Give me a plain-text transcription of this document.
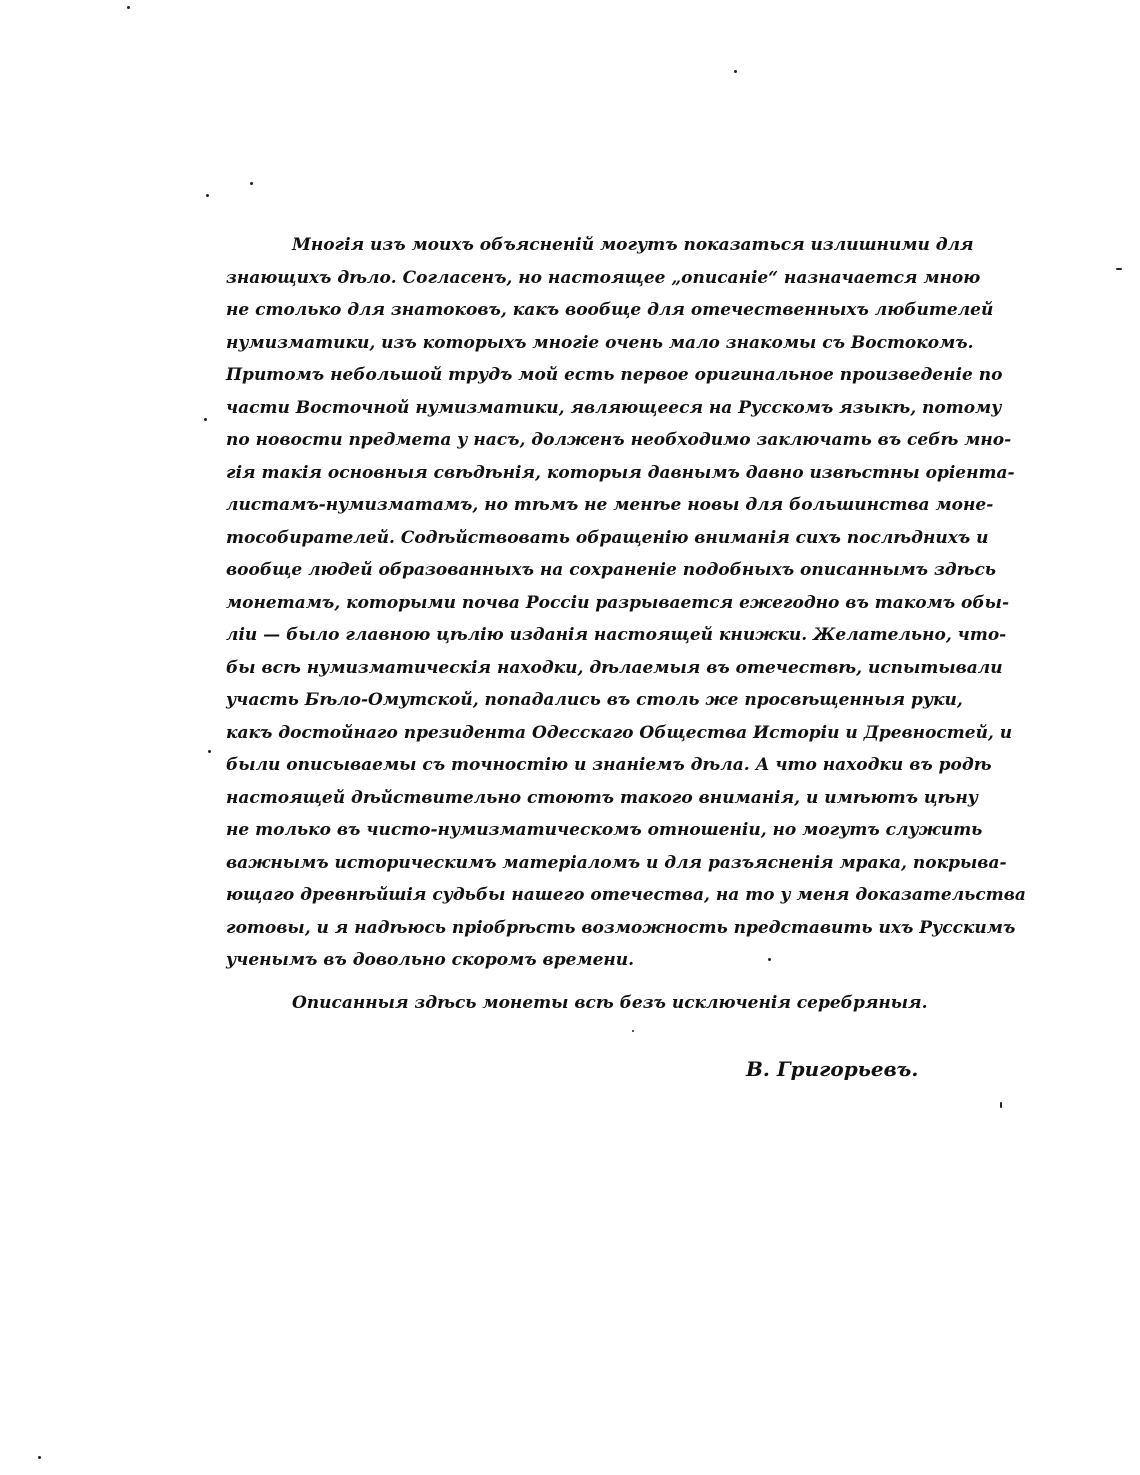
Многія изъ моихъ объясненій могутъ показаться излишними для
знающихъ дѣло. Согласенъ, но настоящее „описаніе“ назначается мною
не столько для знатоковъ, какъ вообще для отечественныхъ любителей
нумизматики, изъ которыхъ многіе очень мало знакомы съ Востокомъ.
Притомъ небольшой трудъ мой есть первое оригинальное произведеніе по
части Восточной нумизматики, являющееся на Русскомъ языкѣ, потому
по новости предмета у насъ, долженъ необходимо заключать въ себѣ мно-
гія такія основныя свѣдѣнія, которыя давнымъ давно извѣстны оріента-
листамъ-нумизматамъ, но тѣмъ не менѣе новы для большинства моне-
тособирателей. Содѣйствовать обращенію вниманія сихъ послѣднихъ и
вообще людей образованныхъ на сохраненіе подобныхъ описаннымъ здѣсь
монетамъ, которыми почва Россіи разрывается ежегодно въ такомъ обы-
ліи — было главною цѣлію изданія настоящей книжки. Желательно, что-
бы всѣ нумизматическія находки, дѣлаемыя въ отечествѣ, испытывали
участь Бѣло-Омутской, попадались въ столь же просвѣщенныя руки,
какъ достойнаго президента Одесскаго Общества Исторіи и Древностей, и
были описываемы съ точностію и знаніемъ дѣла. А что находки въ родѣ
настоящей дѣйствительно стоютъ такого вниманія, и имѣютъ цѣну
не только въ чисто-нумизматическомъ отношеніи, но могутъ служить
важнымъ историческимъ матеріаломъ и для разъясненія мрака, покрыва-
ющаго древнѣйшія судьбы нашего отечества, на то у меня доказательства
готовы, и я надѣюсь пріобрѣсть возможность представить ихъ Русскимъ
ученымъ въ довольно скоромъ времени.
Описанныя здѣсь монеты всѣ безъ исключенія серебряныя.
В. Григорьевъ.
